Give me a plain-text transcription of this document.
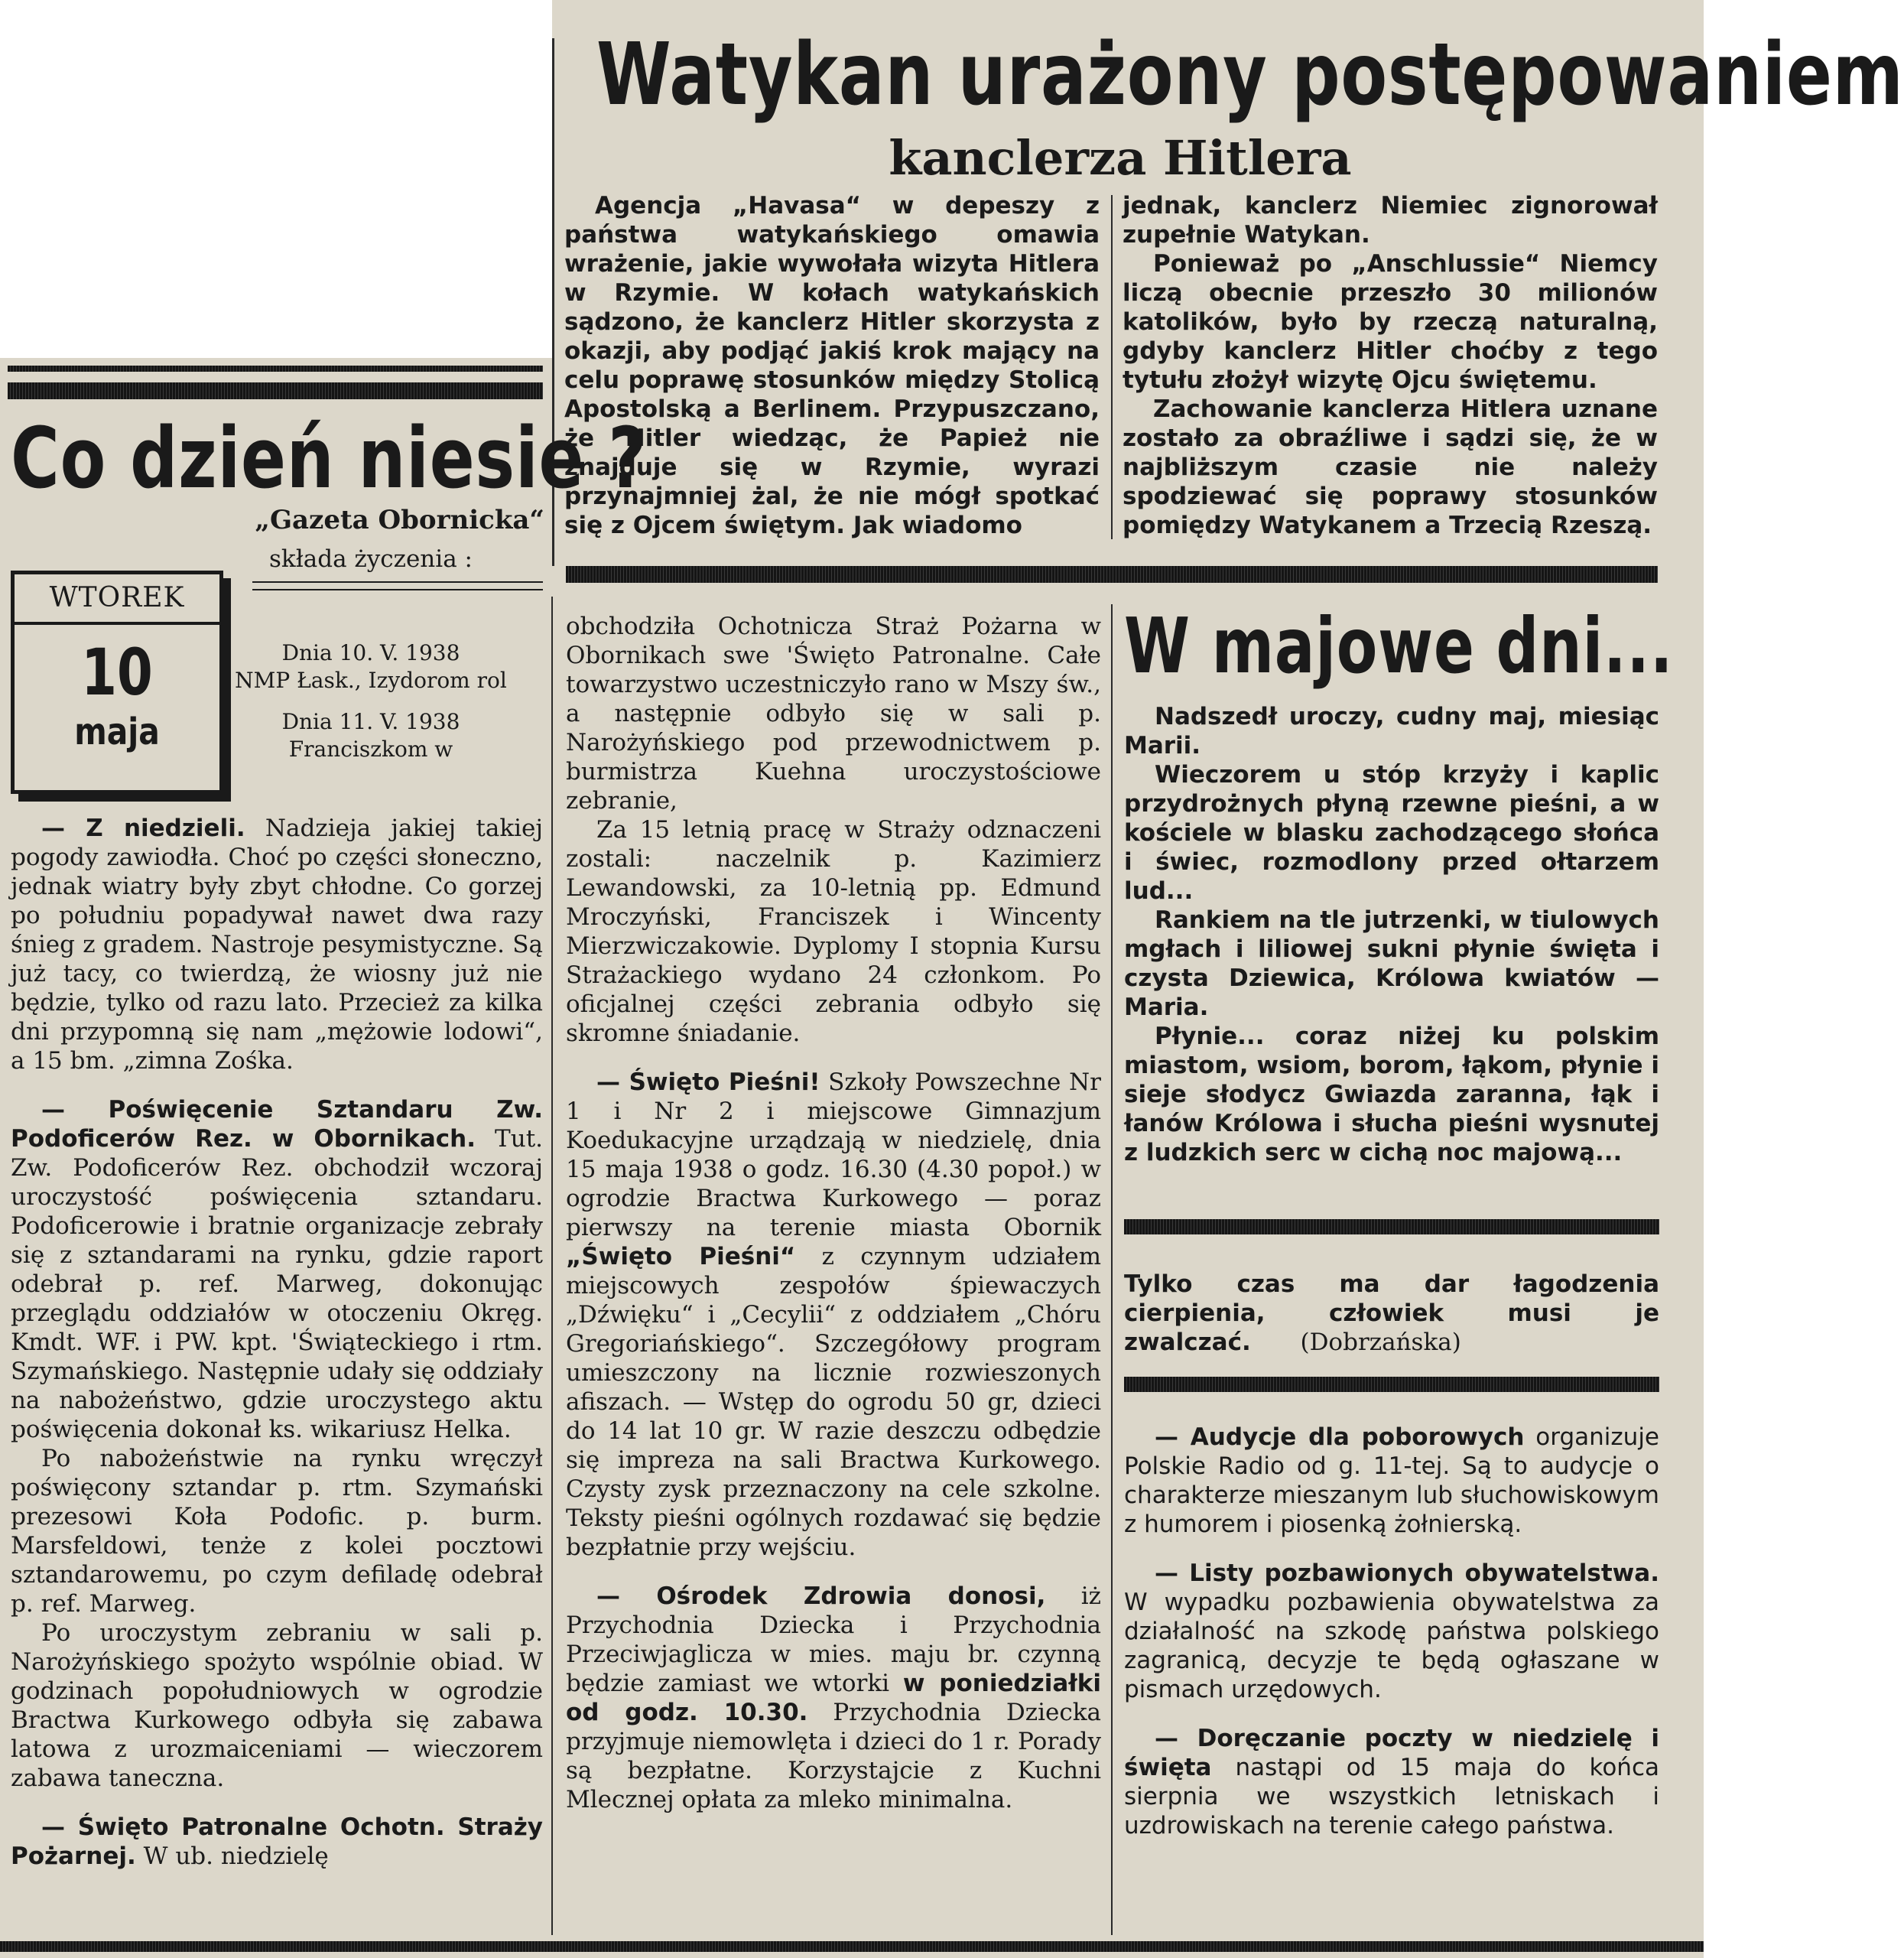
Watykan urażony postępowaniem
kanclerza Hitlera

Agencja „Havasa“ w depeszy z państwa watykańskiego omawia wrażenie, jakie wywołała wizyta Hitlera w Rzymie. W kołach watykańskich sądzono, że kanclerz Hitler skorzysta z okazji, aby podjąć jakiś krok mający na celu poprawę stosunków między Stolicą Apostolską a Berlinem. Przypuszczano, że Hitler wiedząc, że Papież nie znajduje się w Rzymie, wyrazi przynajmniej żal, że nie mógł spotkać się z Ojcem świętym. Jak wiadomo

jednak, kanclerz Niemiec zignorował zupełnie Watykan.

Ponieważ po „Anschlussie“ Niemcy liczą obecnie przeszło 30 milionów katolików, było by rzeczą naturalną, gdyby kanclerz Hitler choćby z tego tytułu złożył wizytę Ojcu świętemu.

Zachowanie kanclerza Hitlera uznane zostało za obraźliwe i sądzi się, że w najbliższym czasie nie należy spodziewać się poprawy stosunków pomiędzy Watykanem a Trzecią Rzeszą.

Co dzień niesie ?
„Gazeta Obornicka“
składa życzenia :
WTOREK
10
maja
Dnia 10. V. 1938
NMP Łask., Izydorom rol
Dnia 11. V. 1938
Franciszkom w

— Z niedzieli. Nadzieja jakiej takiej pogody zawiodła. Choć po części słoneczno, jednak wiatry były zbyt chłodne. Co gorzej po południu popadywał nawet dwa razy śnieg z gradem. Nastroje pesymistyczne. Są już tacy, co twierdzą, że wiosny już nie będzie, tylko od razu lato. Przecież za kilka dni przypomną się nam „mężowie lodowi“, a 15 bm. „zimna Zośka.

— Poświęcenie Sztandaru Zw. Podoficerów Rez. w Obornikach. Tut. Zw. Podoficerów Rez. obchodził wczoraj uroczystość poświęcenia sztandaru. Podoficerowie i bratnie organizacje zebrały się z sztandarami na rynku, gdzie raport odebrał p. ref. Marweg, dokonując przeglądu oddziałów w otoczeniu Okręg. Kmdt. WF. i PW. kpt. 'Świąteckiego i rtm. Szymańskiego. Następnie udały się oddziały na nabożeństwo, gdzie uroczystego aktu poświęcenia dokonał ks. wikariusz Helka.

Po nabożeństwie na rynku wręczył poświęcony sztandar p. rtm. Szymański prezesowi Koła Podofic. p. burm. Marsfeldowi, tenże z kolei pocztowi sztandarowemu, po czym defiladę odebrał p. ref. Marweg.

Po uroczystym zebraniu w sali p. Narożyńskiego spożyto wspólnie obiad. W godzinach popołudniowych w ogrodzie Bractwa Kurkowego odbyła się zabawa latowa z urozmaiceniami — wieczorem zabawa taneczna.

— Święto Patronalne Ochotn. Straży Pożarnej. W ub. niedzielę

obchodziła Ochotnicza Straż Pożarna w Obornikach swe 'Święto Patronalne. Całe towarzystwo uczestniczyło rano w Mszy św., a następnie odbyło się w sali p. Narożyńskiego pod przewodnictwem p. burmistrza Kuehna uroczystościowe zebranie,

Za 15 letnią pracę w Straży odznaczeni zostali: naczelnik p. Kazimierz Lewandowski, za 10-letnią pp. Edmund Mroczyński, Franciszek i Wincenty Mierzwiczakowie. Dyplomy I stopnia Kursu Strażackiego wydano 24 członkom. Po oficjalnej części zebrania odbyło się skromne śniadanie.

— Święto Pieśni! Szkoły Powszechne Nr 1 i Nr 2 i miejscowe Gimnazjum Koedukacyjne urządzają w niedzielę, dnia 15 maja 1938 o godz. 16.30 (4.30 popoł.) w ogrodzie Bractwa Kurkowego — poraz pierwszy na terenie miasta Obornik „Święto Pieśni“ z czynnym udziałem miejscowych zespołów śpiewaczych „Dźwięku“ i „Cecylii“ z oddziałem „Chóru Gregoriańskiego“. Szczegółowy program umieszczony na licznie rozwieszonych afiszach. — Wstęp do ogrodu 50 gr, dzieci do 14 lat 10 gr. W razie deszczu odbędzie się impreza na sali Bractwa Kurkowego. Czysty zysk przeznaczony na cele szkolne. Teksty pieśni ogólnych rozdawać się będzie bezpłatnie przy wejściu.

— Ośrodek Zdrowia donosi, iż Przychodnia Dziecka i Przychodnia Przeciwjaglicza w mies. maju br. czynną będzie zamiast we wtorki w poniedziałki od godz. 10.30. Przychodnia Dziecka przyjmuje niemowlęta i dzieci do 1 r. Porady są bezpłatne. Korzystajcie z Kuchni Mlecznej opłata za mleko minimalna.

W majowe dni...

Nadszedł uroczy, cudny maj, miesiąc Marii.

Wieczorem u stóp krzyży i kaplic przydrożnych płyną rzewne pieśni, a w kościele w blasku zachodzącego słońca i świec, rozmodlony przed ołtarzem lud...

Rankiem na tle jutrzenki, w tiulowych mgłach i liliowej sukni płynie święta i czysta Dziewica, Królowa kwiatów — Maria.

Płynie... coraz niżej ku polskim miastom, wsiom, borom, łąkom, płynie i sieje słodycz Gwiazda zaranna, łąk i łanów Królowa i słucha pieśni wysnutej z ludzkich serc w cichą noc majową...

Tylko czas ma dar łagodzenia cierpienia, człowiek musi je zwalczać. (Dobrzańska)

— Audycje dla poborowych organizuje Polskie Radio od g. 11-tej. Są to audycje o charakterze mieszanym lub słuchowiskowym z humorem i piosenką żołnierską.

— Listy pozbawionych obywatelstwa. W wypadku pozbawienia obywatelstwa za działalność na szkodę państwa polskiego zagranicą, decyzje te będą ogłaszane w pismach urzędowych.

— Doręczanie poczty w niedzielę i święta nastąpi od 15 maja do końca sierpnia we wszystkich letniskach i uzdrowiskach na terenie całego państwa.
